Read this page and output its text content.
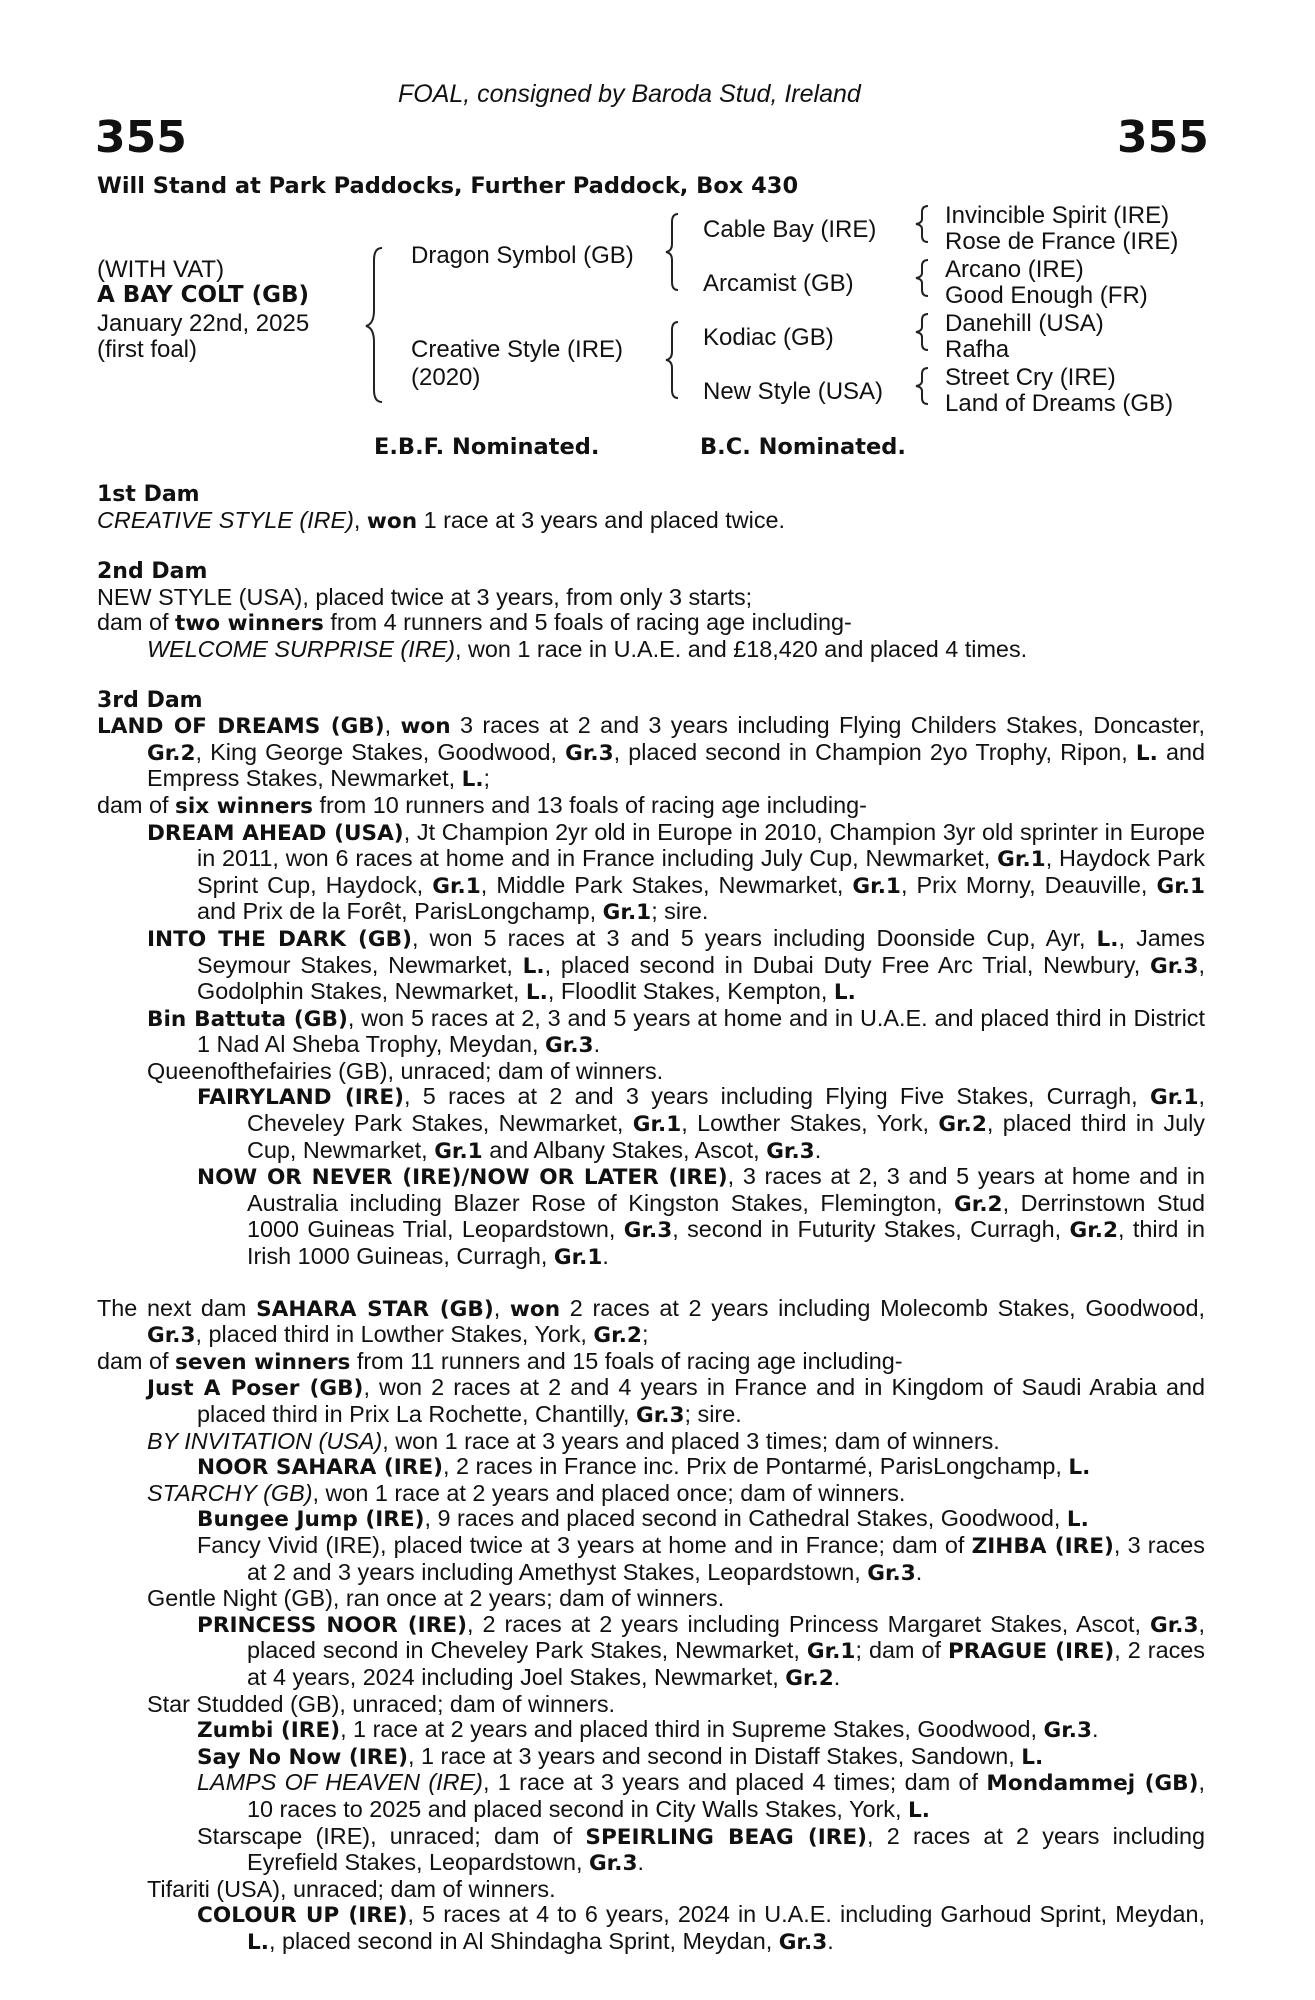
FOAL, consigned by Baroda Stud, Ireland
355	355
Will Stand at Park Paddocks, Further Paddock, Box 430
(WITH VAT)
A BAY COLT (GB)
January 22nd, 2025
(first foal)
Dragon Symbol (GB)
Creative Style (IRE)
(2020)
Cable Bay (IRE)
Arcamist (GB)
Kodiac (GB)
New Style (USA)
Invincible Spirit (IRE)
Rose de France (IRE)
Arcano (IRE)
Good Enough (FR)
Danehill (USA)
Rafha
Street Cry (IRE)
Land of Dreams (GB)
E.B.F. Nominated.	B.C. Nominated.
1st Dam

CREATIVE STYLE (IRE), won 1 race at 3 years and placed twice.

2nd Dam

NEW STYLE (USA), placed twice at 3 years, from only 3 starts;

dam of two winners from 4 runners and 5 foals of racing age including-

WELCOME SURPRISE (IRE), won 1 race in U.A.E. and £18,420 and placed 4 times.

3rd Dam

LAND OF DREAMS (GB), won 3 races at 2 and 3 years including Flying Childers Stakes, Doncaster, Gr.2, King George Stakes, Goodwood, Gr.3, placed second in Champion 2yo Trophy, Ripon, L. and Empress Stakes, Newmarket, L.;

dam of six winners from 10 runners and 13 foals of racing age including-

DREAM AHEAD (USA), Jt Champion 2yr old in Europe in 2010, Champion 3yr old sprinter in Europe in 2011, won 6 races at home and in France including July Cup, Newmarket, Gr.1, Haydock Park Sprint Cup, Haydock, Gr.1, Middle Park Stakes, Newmarket, Gr.1, Prix Morny, Deauville, Gr.1 and Prix de la Forêt, ParisLongchamp, Gr.1; sire.

INTO THE DARK (GB), won 5 races at 3 and 5 years including Doonside Cup, Ayr, L., James Seymour Stakes, Newmarket, L., placed second in Dubai Duty Free Arc Trial, Newbury, Gr.3, Godolphin Stakes, Newmarket, L., Floodlit Stakes, Kempton, L.

Bin Battuta (GB), won 5 races at 2, 3 and 5 years at home and in U.A.E. and placed third in District 1 Nad Al Sheba Trophy, Meydan, Gr.3.

Queenofthefairies (GB), unraced; dam of winners.

FAIRYLAND (IRE), 5 races at 2 and 3 years including Flying Five Stakes, Curragh, Gr.1, Cheveley Park Stakes, Newmarket, Gr.1, Lowther Stakes, York, Gr.2, placed third in July Cup, Newmarket, Gr.1 and Albany Stakes, Ascot, Gr.3.

NOW OR NEVER (IRE)/NOW OR LATER (IRE), 3 races at 2, 3 and 5 years at home and in Australia including Blazer Rose of Kingston Stakes, Flemington, Gr.2, Derrinstown Stud 1000 Guineas Trial, Leopardstown, Gr.3, second in Futurity Stakes, Curragh, Gr.2, third in Irish 1000 Guineas, Curragh, Gr.1.

The next dam SAHARA STAR (GB), won 2 races at 2 years including Molecomb Stakes, Goodwood, Gr.3, placed third in Lowther Stakes, York, Gr.2;

dam of seven winners from 11 runners and 15 foals of racing age including-

Just A Poser (GB), won 2 races at 2 and 4 years in France and in Kingdom of Saudi Arabia and placed third in Prix La Rochette, Chantilly, Gr.3; sire.

BY INVITATION (USA), won 1 race at 3 years and placed 3 times; dam of winners.

NOOR SAHARA (IRE), 2 races in France inc. Prix de Pontarmé, ParisLongchamp, L.

STARCHY (GB), won 1 race at 2 years and placed once; dam of winners.

Bungee Jump (IRE), 9 races and placed second in Cathedral Stakes, Goodwood, L.

Fancy Vivid (IRE), placed twice at 3 years at home and in France; dam of ZIHBA (IRE), 3 races at 2 and 3 years including Amethyst Stakes, Leopardstown, Gr.3.

Gentle Night (GB), ran once at 2 years; dam of winners.

PRINCESS NOOR (IRE), 2 races at 2 years including Princess Margaret Stakes, Ascot, Gr.3, placed second in Cheveley Park Stakes, Newmarket, Gr.1; dam of PRAGUE (IRE), 2 races at 4 years, 2024 including Joel Stakes, Newmarket, Gr.2.

Star Studded (GB), unraced; dam of winners.

Zumbi (IRE), 1 race at 2 years and placed third in Supreme Stakes, Goodwood, Gr.3.

Say No Now (IRE), 1 race at 3 years and second in Distaff Stakes, Sandown, L.

LAMPS OF HEAVEN (IRE), 1 race at 3 years and placed 4 times; dam of Mondammej (GB), 10 races to 2025 and placed second in City Walls Stakes, York, L.

Starscape (IRE), unraced; dam of SPEIRLING BEAG (IRE), 2 races at 2 years including Eyrefield Stakes, Leopardstown, Gr.3.

Tifariti (USA), unraced; dam of winners.

COLOUR UP (IRE), 5 races at 4 to 6 years, 2024 in U.A.E. including Garhoud Sprint, Meydan, L., placed second in Al Shindagha Sprint, Meydan, Gr.3.
